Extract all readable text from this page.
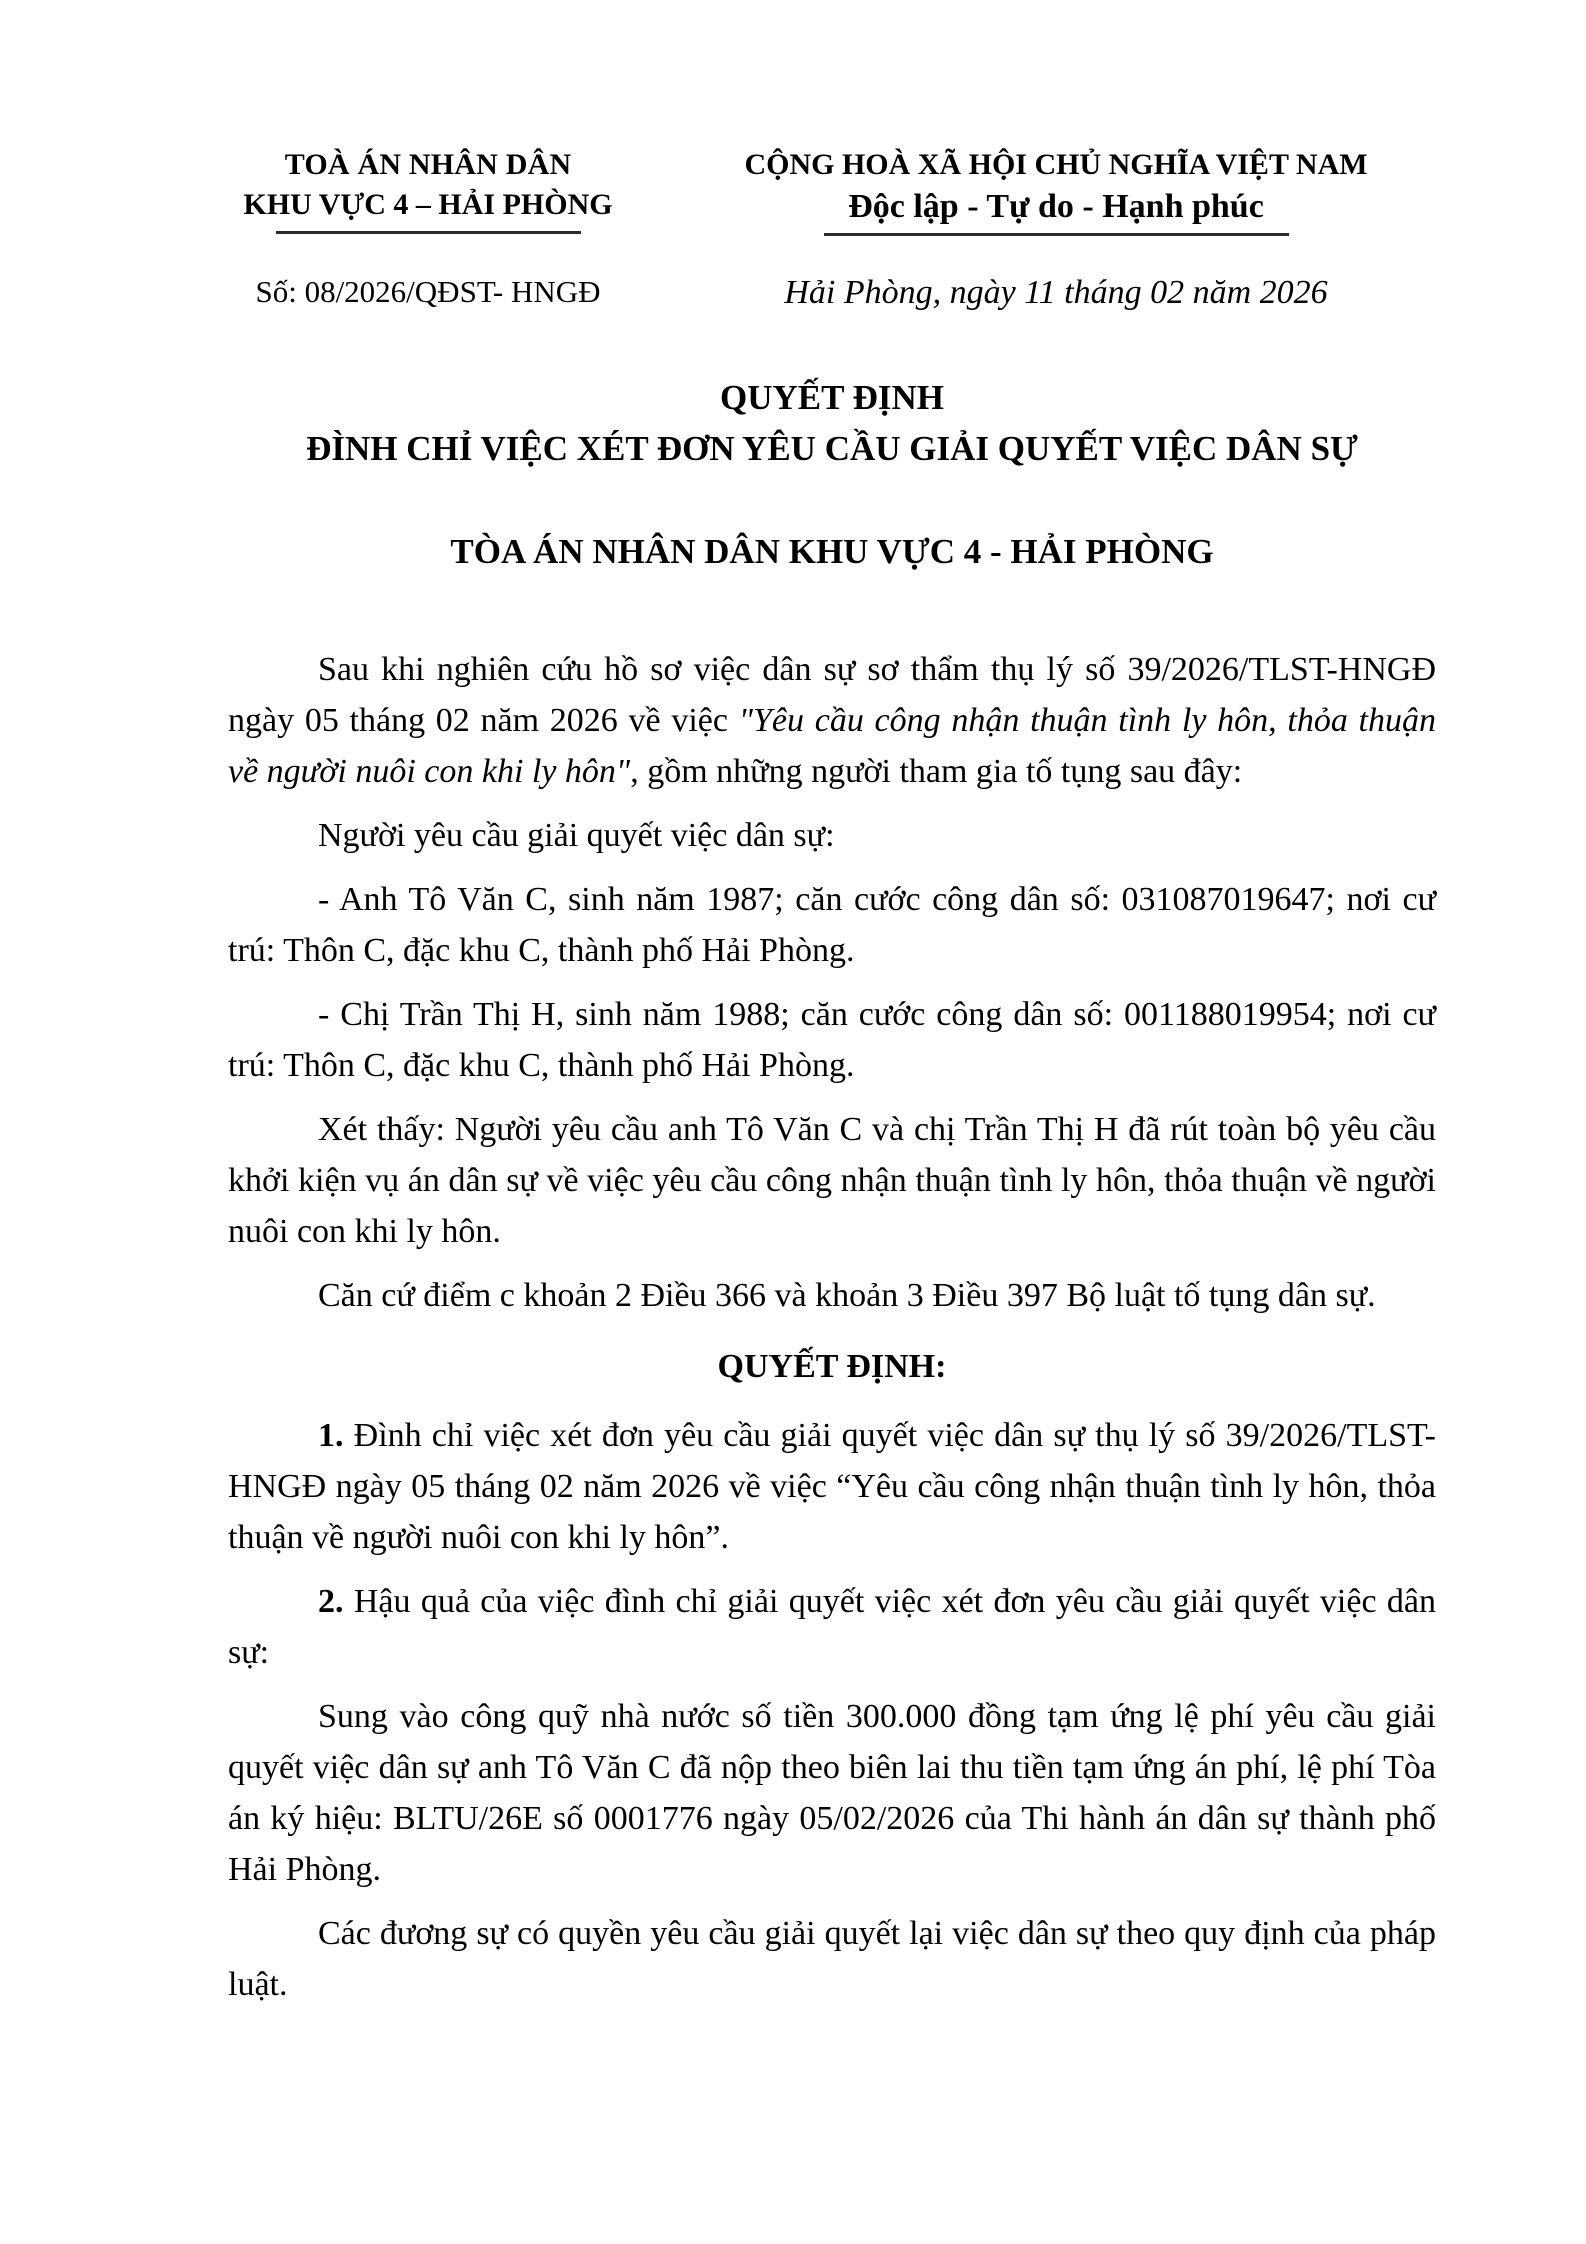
TOÀ ÁN NHÂN DÂN
KHU VỰC 4 – HẢI PHÒNG
Số: 08/2026/QĐST- HNGĐ
CỘNG HOÀ XÃ HỘI CHỦ NGHĨA VIỆT NAM
Độc lập - Tự do - Hạnh phúc
Hải Phòng, ngày 11 tháng 02 năm 2026
QUYẾT ĐỊNH
ĐÌNH CHỈ VIỆC XÉT ĐƠN YÊU CẦU GIẢI QUYẾT VIỆC DÂN SỰ
TÒA ÁN NHÂN DÂN KHU VỰC 4 - HẢI PHÒNG

Sau khi nghiên cứu hồ sơ việc dân sự sơ thẩm thụ lý số 39/2026/TLST-HNGĐ ngày 05 tháng 02 năm 2026 về việc "Yêu cầu công nhận thuận tình ly hôn, thỏa thuận về người nuôi con khi ly hôn", gồm những người tham gia tố tụng sau đây:

Người yêu cầu giải quyết việc dân sự:

- Anh Tô Văn C, sinh năm 1987; căn cước công dân số: 031087019647; nơi cư trú: Thôn C, đặc khu C, thành phố Hải Phòng.

- Chị Trần Thị H, sinh năm 1988; căn cước công dân số: 001188019954; nơi cư trú: Thôn C, đặc khu C, thành phố Hải Phòng.

Xét thấy: Người yêu cầu anh Tô Văn C và chị Trần Thị H đã rút toàn bộ yêu cầu khởi kiện vụ án dân sự về việc yêu cầu công nhận thuận tình ly hôn, thỏa thuận về người nuôi con khi ly hôn.

Căn cứ điểm c khoản 2 Điều 366 và khoản 3 Điều 397 Bộ luật tố tụng dân sự.

QUYẾT ĐỊNH:

1. Đình chỉ việc xét đơn yêu cầu giải quyết việc dân sự thụ lý số 39/2026/TLST-HNGĐ ngày 05 tháng 02 năm 2026 về việc “Yêu cầu công nhận thuận tình ly hôn, thỏa thuận về người nuôi con khi ly hôn”.

2. Hậu quả của việc đình chỉ giải quyết việc xét đơn yêu cầu giải quyết việc dân sự:

Sung vào công quỹ nhà nước số tiền 300.000 đồng tạm ứng lệ phí yêu cầu giải quyết việc dân sự anh Tô Văn C đã nộp theo biên lai thu tiền tạm ứng án phí, lệ phí Tòa án ký hiệu: BLTU/26E số 0001776 ngày 05/02/2026 của Thi hành án dân sự thành phố Hải Phòng.

Các đương sự có quyền yêu cầu giải quyết lại việc dân sự theo quy định của pháp luật.
